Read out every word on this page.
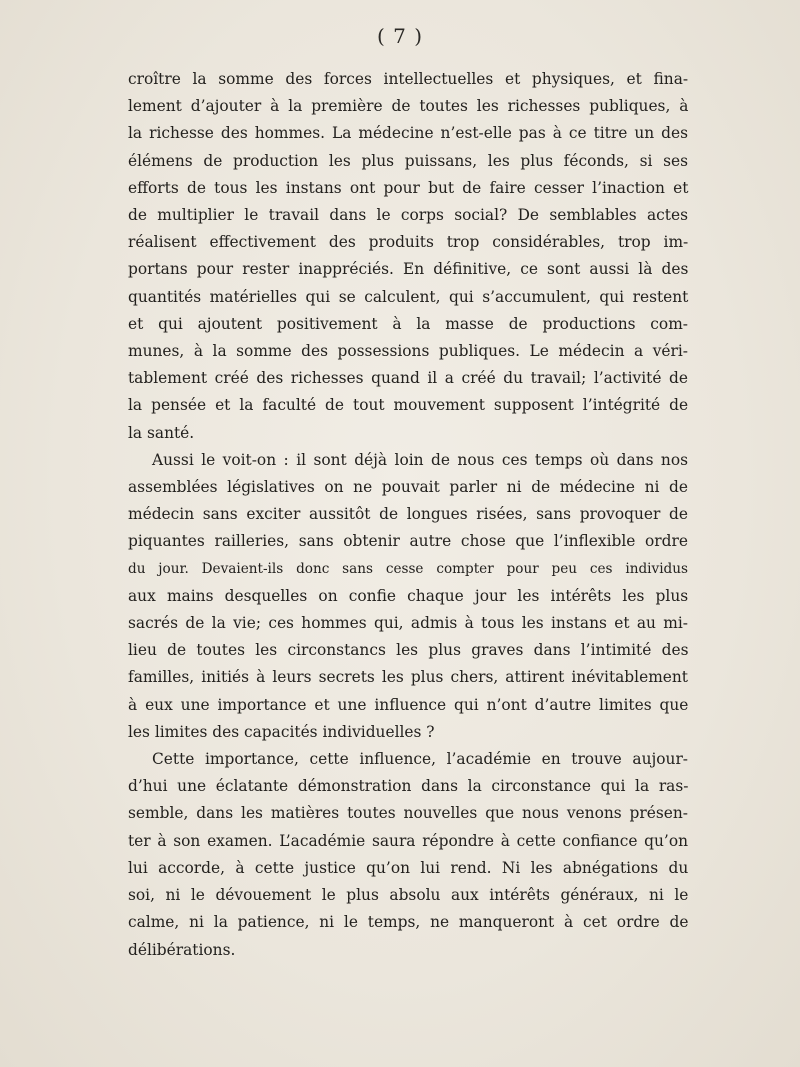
( 7 )

croître la somme des forces intellectuelles et physiques, et fina-
lement d’ajouter à la première de toutes les richesses publiques, à
la richesse des hommes. La médecine n’est-elle pas à ce titre un des
élémens de production les plus puissans, les plus féconds, si ses
efforts de tous les instans ont pour but de faire cesser l’inaction et
de multiplier le travail dans le corps social? De semblables actes
réalisent effectivement des produits trop considérables, trop im-
portans pour rester inappréciés. En définitive, ce sont aussi là des
quantités matérielles qui se calculent, qui s’accumulent, qui restent
et qui ajoutent positivement à la masse de productions com-
munes, à la somme des possessions publiques. Le médecin a véri-
tablement créé des richesses quand il a créé du travail; l’activité de
la pensée et la faculté de tout mouvement supposent l’intégrité de
la santé.

Aussi le voit-on : il sont déjà loin de nous ces temps où dans nos
assemblées législatives on ne pouvait parler ni de médecine ni de
médecin sans exciter aussitôt de longues risées, sans provoquer de
piquantes railleries, sans obtenir autre chose que l’inflexible ordre
du jour. Devaient-ils donc sans cesse compter pour peu ces individus
aux mains desquelles on confie chaque jour les intérêts les plus
sacrés de la vie; ces hommes qui, admis à tous les instans et au mi-
lieu de toutes les circonstancs les plus graves dans l’intimité des
familles, initiés à leurs secrets les plus chers, attirent inévitablement
à eux une importance et une influence qui n’ont d’autre limites que
les limites des capacités individuelles ?

Cette importance, cette influence, l’académie en trouve aujour-
d’hui une éclatante démonstration dans la circonstance qui la ras-
semble, dans les matières toutes nouvelles que nous venons présen-
ter à son examen. L’académie saura répondre à cette confiance qu’on
lui accorde, à cette justice qu’on lui rend. Ni les abnégations du
soi, ni le dévouement le plus absolu aux intérêts généraux, ni le
calme, ni la patience, ni le temps, ne manqueront à cet ordre de
délibérations.
